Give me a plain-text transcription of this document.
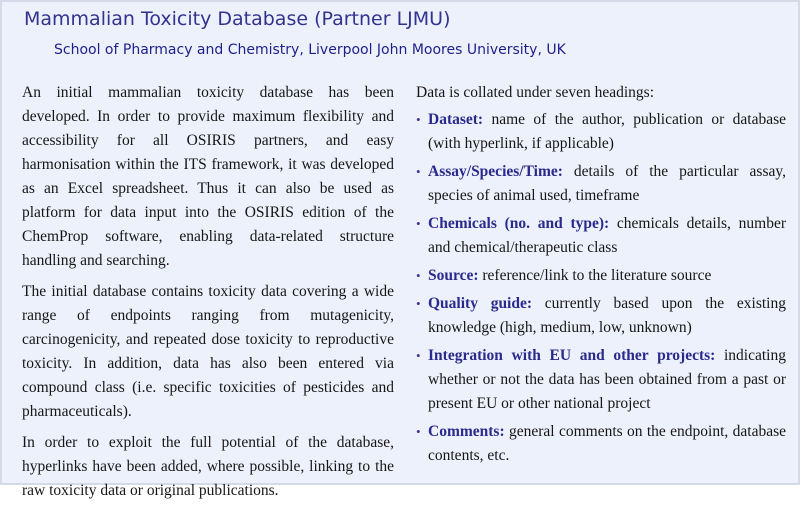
Mammalian Toxicity Database (Partner LJMU)
School of Pharmacy and Chemistry, Liverpool John Moores University, UK

An initial mammalian toxicity database has been developed. In order to provide maximum flexibility and accessibility for all OSIRIS partners, and easy harmonisation within the ITS framework, it was developed as an Excel spreadsheet. Thus it can also be used as platform for data input into the OSIRIS edition of the ChemProp software, enabling data-related structure handling and searching.

The initial database contains toxicity data covering a wide range of endpoints ranging from mutagenicity, carcinogenicity, and repeated dose toxicity to reproductive toxicity. In addition, data has also been entered via compound class (i.e. specific toxicities of pesticides and pharmaceuticals).

In order to exploit the full potential of the database, hyperlinks have been added, where possible, linking to the raw toxicity data or original publications.

Data is collated under seven headings:

• Dataset: name of the author, publication or database (with hyperlink, if applicable)
• Assay/Species/Time: details of the particular assay, species of animal used, timeframe
• Chemicals (no. and type): chemicals details, number and chemical/therapeutic class
• Source: reference/link to the literature source
• Quality guide: currently based upon the existing knowledge (high, medium, low, unknown)
• Integration with EU and other projects: indicating whether or not the data has been obtained from a past or present EU or other national project
• Comments: general comments on the endpoint, database contents, etc.
